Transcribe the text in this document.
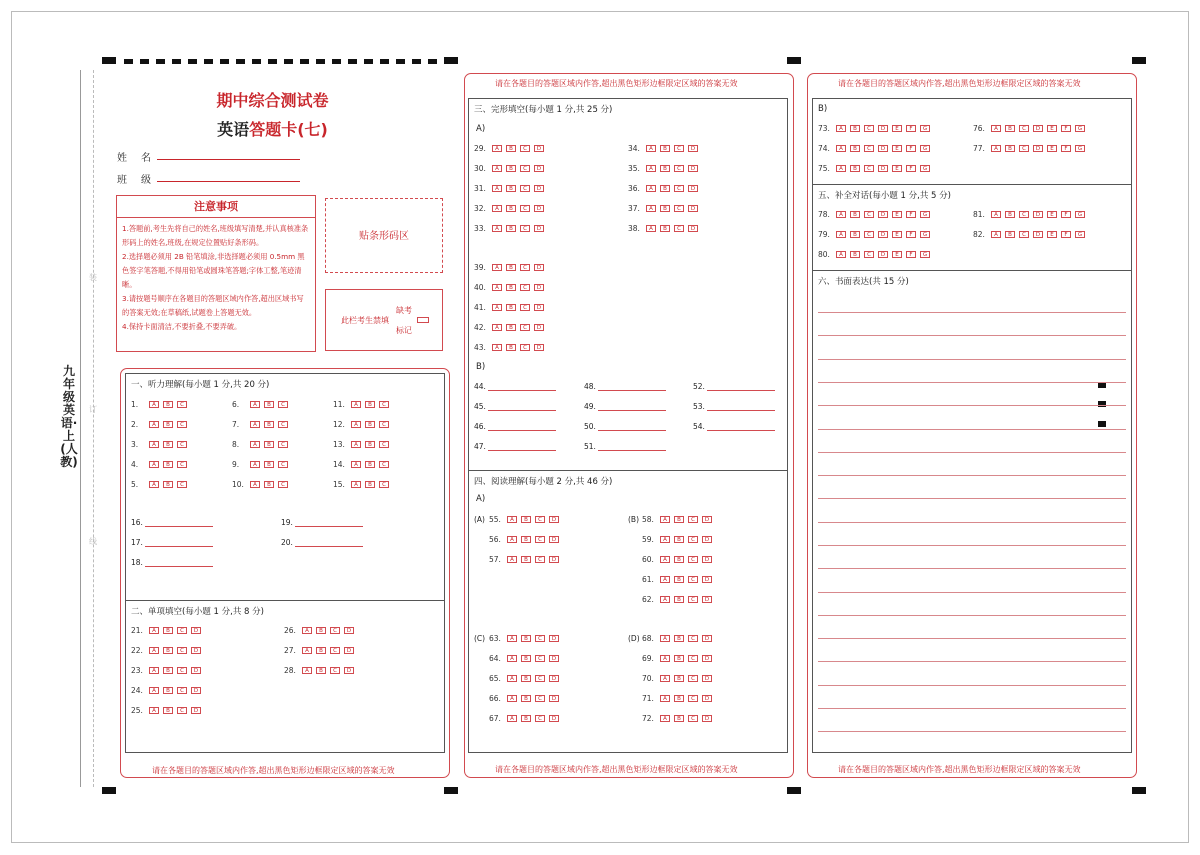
九年级英语·上(人教)
装
订
线
期中综合测试卷
英语答题卡(七)
姓　名
班　级
注意事项
1.答题前,考生先将自己的姓名,班级填写清楚,并认真核准条形码上的姓名,班级,在规定位置贴好条形码。
2.选择题必须用 2B 铅笔填涂,非选择题必须用 0.5mm 黑色签字笔答题,不得用铅笔或圆珠笔答题;字体工整,笔迹清晰。
3.请按题号顺序在各题目的答题区域内作答,超出区域书写的答案无效;在草稿纸,试题卷上答题无效。
4.保持卡面清洁,不要折叠,不要弄破。
贴条形码区
此栏考生禁填
缺考
标记
请在各题目的答题区域内作答,超出黑色矩形边框限定区域的答案无效
请在各题目的答题区域内作答,超出黑色矩形边框限定区域的答案无效
请在各题目的答题区域内作答,超出黑色矩形边框限定区域的答案无效
请在各题目的答题区域内作答,超出黑色矩形边框限定区域的答案无效
请在各题目的答题区域内作答,超出黑色矩形边框限定区域的答案无效
一、听力理解(每小题 1 分,共 20 分)
二、单项填空(每小题 1 分,共 8 分)
三、完形填空(每小题 1 分,共 25 分)
A)
B)
四、阅读理解(每小题 2 分,共 46 分)
A)
B)
五、补全对话(每小题 1 分,共 5 分)
六、书面表达(共 15 分)
(A)	(B)
(C)	(D)
1.	A	B	C
2.	A	B	C
3.	A	B	C
4.	A	B	C
5.	A	B	C
6.	A	B	C
7.	A	B	C
8.	A	B	C
9.	A	B	C
10.	A	B	C
11.	A	B	C
12.	A	B	C
13.	A	B	C
14.	A	B	C
15.	A	B	C
16.
17.
18.
19.
20.
21.	A	B	C	D
22.	A	B	C	D
23.	A	B	C	D
24.	A	B	C	D
25.	A	B	C	D
26.	A	B	C	D
27.	A	B	C	D
28.	A	B	C	D
29.	A	B	C	D
30.	A	B	C	D
31.	A	B	C	D
32.	A	B	C	D
33.	A	B	C	D
34.	A	B	C	D
35.	A	B	C	D
36.	A	B	C	D
37.	A	B	C	D
38.	A	B	C	D
39.	A	B	C	D
40.	A	B	C	D
41.	A	B	C	D
42.	A	B	C	D
43.	A	B	C	D
44.
45.
46.
47.
48.
49.
50.
51.
52.
53.
54.
55.	A	B	C	D
56.	A	B	C	D
57.	A	B	C	D
58.	A	B	C	D
59.	A	B	C	D
60.	A	B	C	D
61.	A	B	C	D
62.	A	B	C	D
63.	A	B	C	D
64.	A	B	C	D
65.	A	B	C	D
66.	A	B	C	D
67.	A	B	C	D
68.	A	B	C	D
69.	A	B	C	D
70.	A	B	C	D
71.	A	B	C	D
72.	A	B	C	D
73.	A	B	C	D	E	F	G
74.	A	B	C	D	E	F	G
75.	A	B	C	D	E	F	G
76.	A	B	C	D	E	F	G
77.	A	B	C	D	E	F	G
78.	A	B	C	D	E	F	G
79.	A	B	C	D	E	F	G
80.	A	B	C	D	E	F	G
81.	A	B	C	D	E	F	G
82.	A	B	C	D	E	F	G
